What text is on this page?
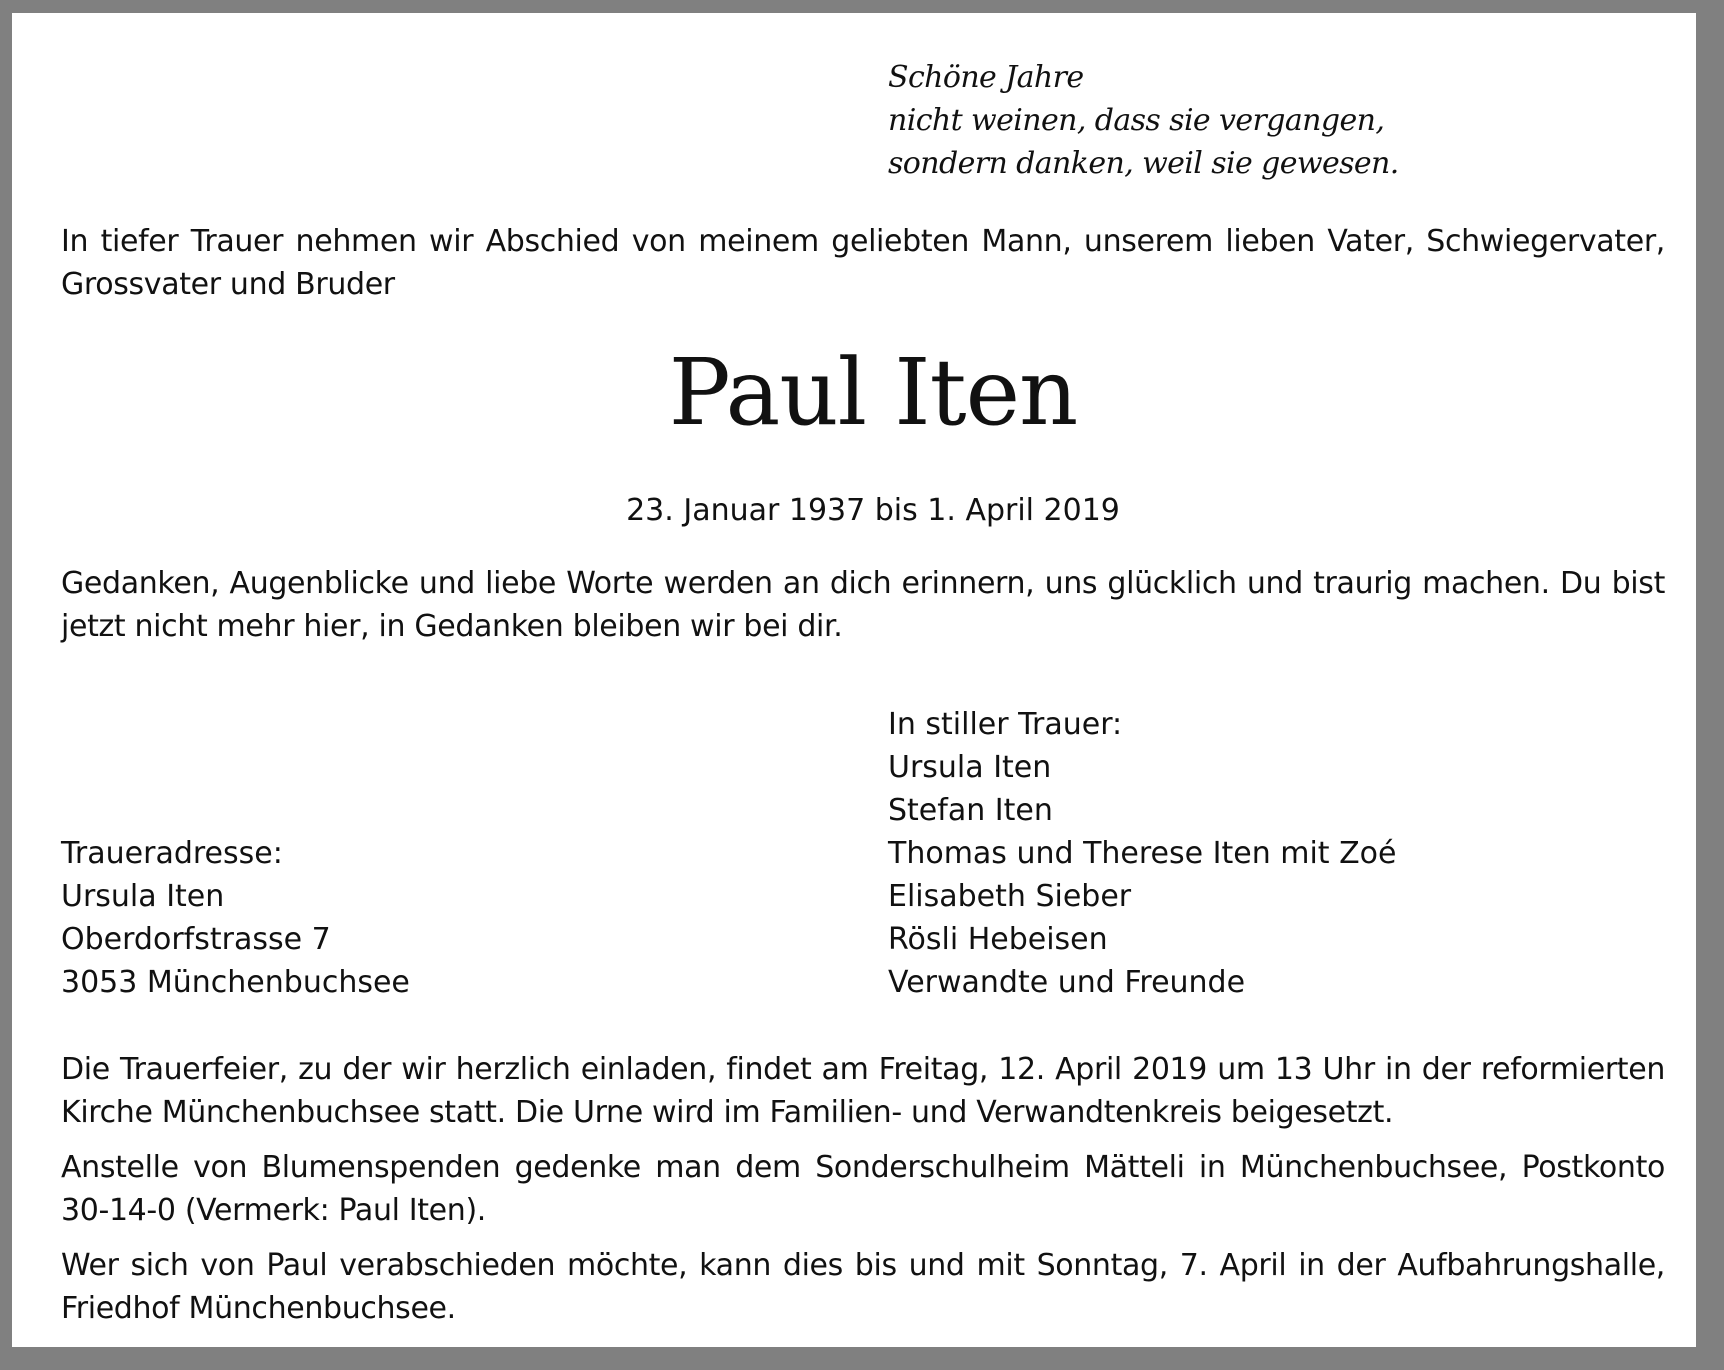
Schöne Jahre
nicht weinen, dass sie vergangen,
sondern danken, weil sie gewesen.

In tiefer Trauer nehmen wir Abschied von meinem geliebten Mann, unserem lieben Vater, Schwiegervater, Grossvater und Bruder

Paul Iten
23. Januar 1937 bis 1. April 2019

Gedanken, Augenblicke und liebe Worte werden an dich erinnern, uns glücklich und traurig machen. Du bist jetzt nicht mehr hier, in Gedanken bleiben wir bei dir.

In stiller Trauer:
Ursula Iten
Stefan Iten
Thomas und Therese Iten mit Zoé
Elisabeth Sieber
Rösli Hebeisen
Verwandte und Freunde
Traueradresse:
Ursula Iten
Oberdorfstrasse 7
3053 Münchenbuchsee

Die Trauerfeier, zu der wir herzlich einladen, findet am Freitag, 12. April 2019 um 13 Uhr in der reformierten Kirche Münchenbuchsee statt. Die Urne wird im Familien- und Verwandtenkreis beigesetzt.

Anstelle von Blumenspenden gedenke man dem Sonderschulheim Mätteli in Münchenbuchsee, Postkonto 30-14-0 (Vermerk: Paul Iten).

Wer sich von Paul verabschieden möchte, kann dies bis und mit Sonntag, 7. April in der Aufbahrungshalle, Friedhof Münchenbuchsee.
